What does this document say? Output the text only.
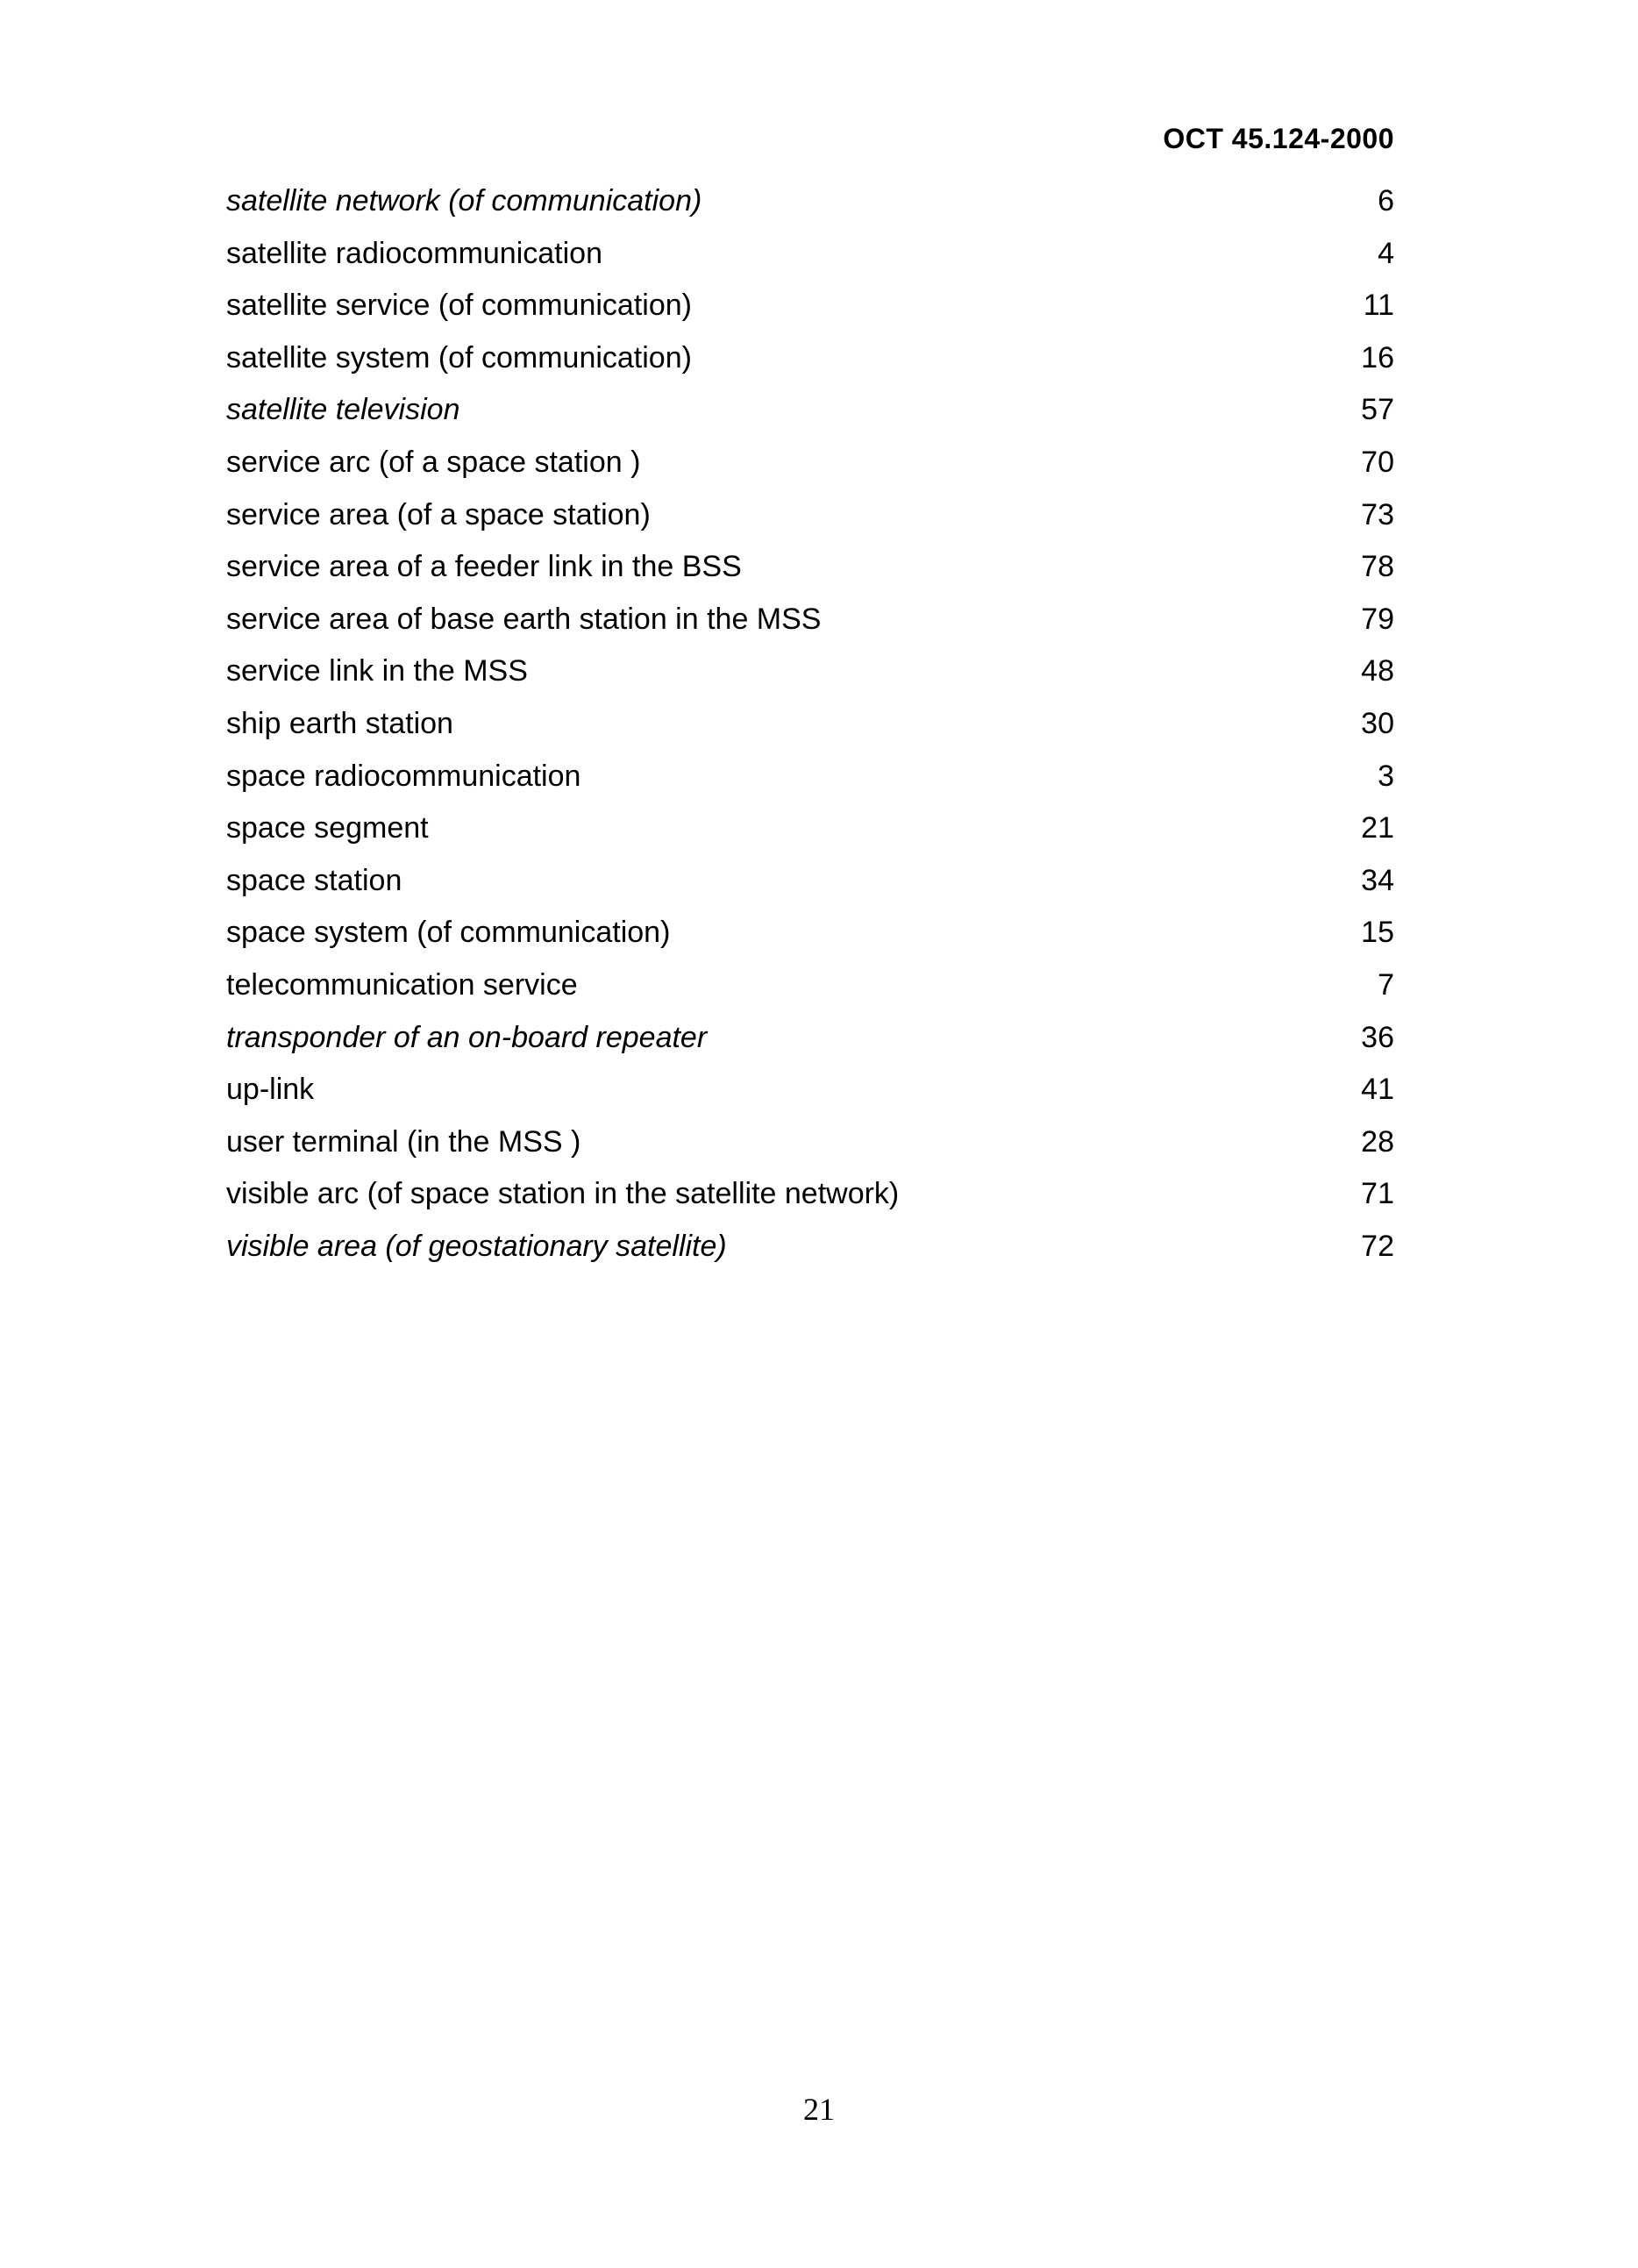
OCT 45.124-2000
satellite network (of communication)	6
satellite radiocommunication	4
satellite service (of communication)	11
satellite system (of communication)	16
satellite television	57
service arc (of a space station )	70
service area (of a space station)	73
service area of a feeder link in the BSS	78
service area of base earth station in the MSS	79
service link in the MSS	48
ship earth station	30
space radiocommunication	3
space segment	21
space station	34
space system (of communication)	15
telecommunication service	7
transponder of an on-board repeater	36
up-link	41
user terminal (in the MSS )	28
visible arc (of space station in the satellite network)	71
visible area (of geostationary satellite)	72
21
